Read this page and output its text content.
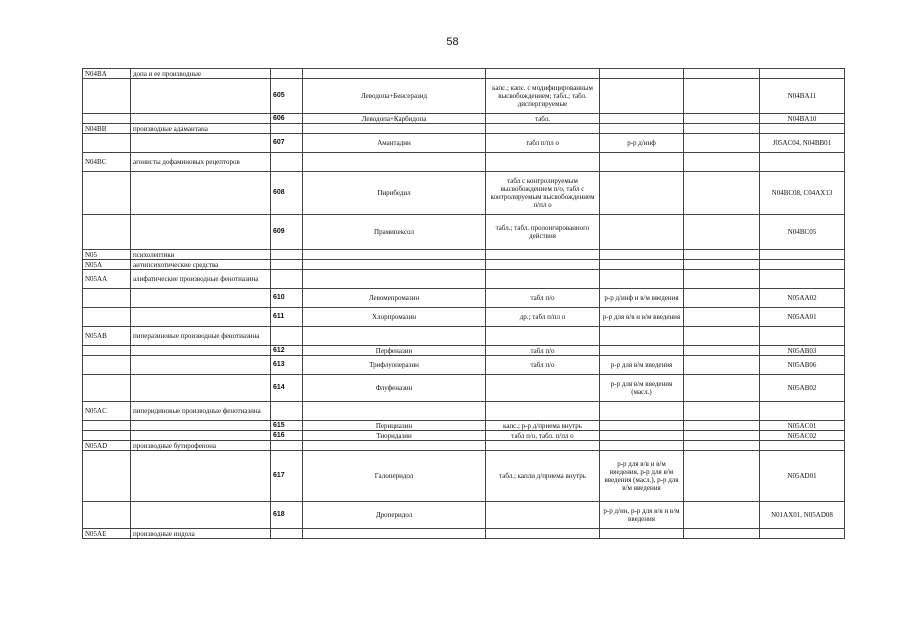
58
N04BA	допа и ее производные						
		605	Леводопа+Бенсеразид	капс.; капс. с модифицированным высвобождением; табл.; табл. диспергируемые			N04BA11
		606	Леводопа+Карбидопа	табл.			N04BA10
N04BB	производные адамантана						
		607	Амантадин	табл п/пл о	р-р д/инф		J05AC04, N04BB01
N04BC	агонисты дофаминовых рецепторов						
		608	Пирибедил	табл с контролируемым высвобождением п/о, табл с контролируемым высвобождением п/пл о			N04BC08, C04AX13
		609	Прамипексол	табл.; табл. пролонгированного действия			N04BC05
N05	психолептики						
N05A	антипсихотические средства						
N05AA	алифатические производные фенотиазина						
		610	Левомепромазин	табл п/о	р-р д/инф и в/м введения		N05AA02
		611	Хлорпромазин	др.; табл п/пл о	р-р для в/в и в/м введения		N05AA01
N05AB	пиперазиновые производные фенотиазина						
		612	Перфеназин	табл п/о			N05AB03
		613	Трифлуоперазин	табл п/о	р-р для в/м введения		N05AB06
		614	Флуфеназин		р-р для в/м введения (масл.)		N05AB02
N05AC	пиперидиновые производные фенотиазина						
		615	Перициазин	капс.; р-р д/приема внутрь			N05AC01
		616	Тиоридазин	табл п/о, табл. п/пл о			N05AC02
N05AD	производные бутирофенона						
		617	Галоперидол	табл.; капли д/приема внутрь	р-р для в/в и в/м введения, р-р для в/м введения (масл.), р-р для в/м введения		N05AD01
		618	Дроперидол		р-р д/ин, р-р для в/в и в/м введения		N01AX01, N05AD08
N05AE	производные индола						
